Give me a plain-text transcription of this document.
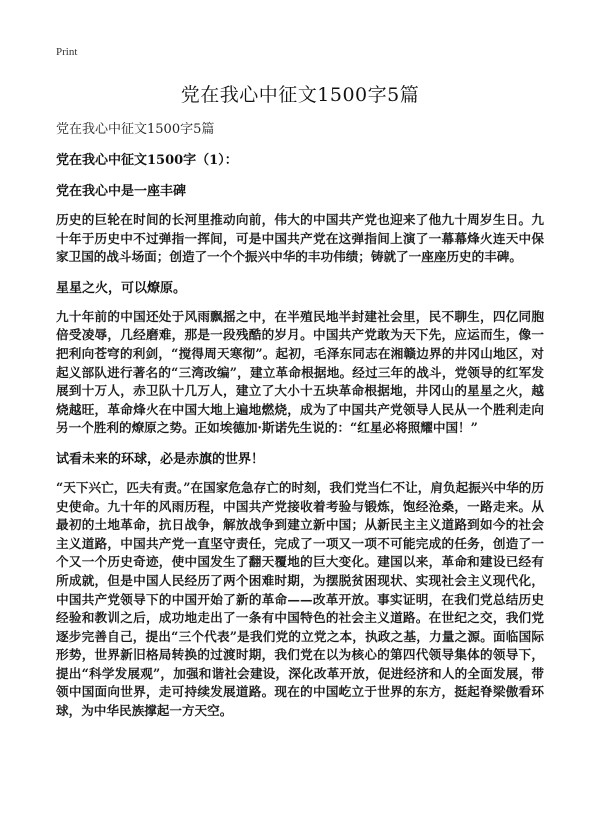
Print
党在我心中征文1500字5篇

党在我心中征文1500字5篇

党在我心中征文1500字（1）：

党在我心中是一座丰碑

历史的巨轮在时间的长河里推动向前，伟大的中国共产党也迎来了他九十周岁生日。九十年于历史中不过弹指一挥间，可是中国共产党在这弹指间上演了一幕幕烽火连天中保家卫国的战斗场面；创造了一个个振兴中华的丰功伟绩；铸就了一座座历史的丰碑。

星星之火，可以燎原。

九十年前的中国还处于风雨飘摇之中，在半殖民地半封建社会里，民不聊生，四亿同胞倍受凌辱，几经磨难，那是一段残酷的岁月。中国共产党敢为天下先，应运而生，像一把利向苍穹的利剑，“搅得周天寒彻”。起初，毛泽东同志在湘赣边界的井冈山地区，对起义部队进行著名的“三湾改编”，建立革命根据地。经过三年的战斗，党领导的红军发展到十万人，赤卫队十几万人，建立了大小十五块革命根据地，井冈山的星星之火，越烧越旺，革命烽火在中国大地上遍地燃烧，成为了中国共产党领导人民从一个胜利走向另一个胜利的燎原之势。正如埃德加·斯诺先生说的：“红星必将照耀中国！”

试看未来的环球，必是赤旗的世界！

“天下兴亡，匹夫有责。”在国家危急存亡的时刻，我们党当仁不让，肩负起振兴中华的历史使命。九十年的风雨历程，中国共产党接收着考验与锻炼，饱经沧桑，一路走来。从最初的土地革命，抗日战争，解放战争到建立新中国；从新民主主义道路到如今的社会主义道路，中国共产党一直坚守责任，完成了一项又一项不可能完成的任务，创造了一个又一个历史奇迹，使中国发生了翻天覆地的巨大变化。建国以来，革命和建设已经有所成就，但是中国人民经历了两个困难时期，为摆脱贫困现状、实现社会主义现代化，中国共产党领导下的中国开始了新的革命——改革开放。事实证明，在我们党总结历史经验和教训之后，成功地走出了一条有中国特色的社会主义道路。在世纪之交，我们党逐步完善自己，提出“三个代表”是我们党的立党之本，执政之基，力量之源。面临国际形势，世界新旧格局转换的过渡时期，我们党在以为核心的第四代领导集体的领导下，提出“科学发展观”，加强和谐社会建设，深化改革开放，促进经济和人的全面发展，带领中国面向世界，走可持续发展道路。现在的中国屹立于世界的东方，挺起脊梁傲看环球，为中华民族撑起一方天空。
